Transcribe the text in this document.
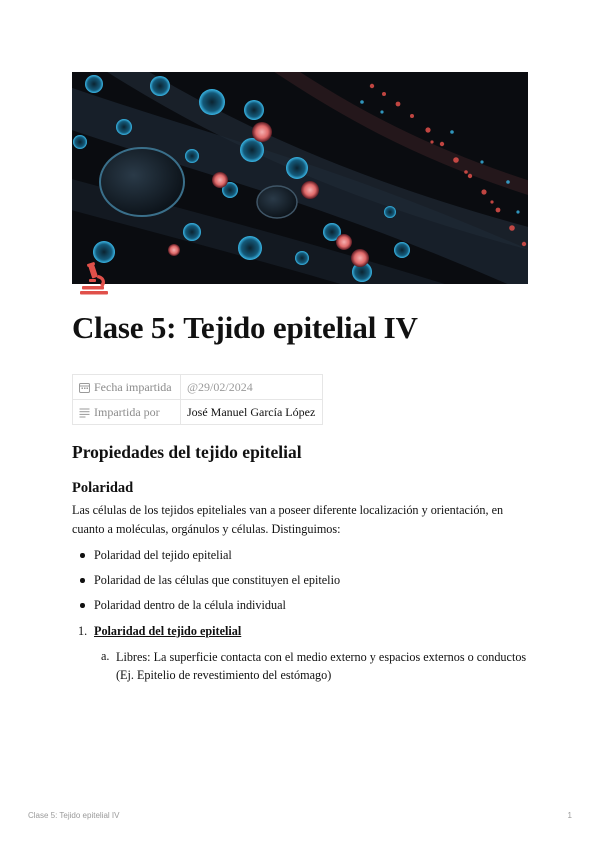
Clase 5: Tejido epitelial IV
Fecha impartida	@29/02/2024
Impartida por	José Manuel García López
Propiedades del tejido epitelial
Polaridad

Las células de los tejidos epiteliales van a poseer diferente localización y orientación, en cuanto a moléculas, orgánulos y células. Distinguimos:

Polaridad del tejido epitelial
Polaridad de las células que constituyen el epitelio
Polaridad dentro de la célula individual
1. Polaridad del tejido epitelial
a. Libres: La superficie contacta con el medio externo y espacios externos o conductos (Ej. Epitelio de revestimiento del estómago)

Clase 5: Tejido epitelial IV	1
